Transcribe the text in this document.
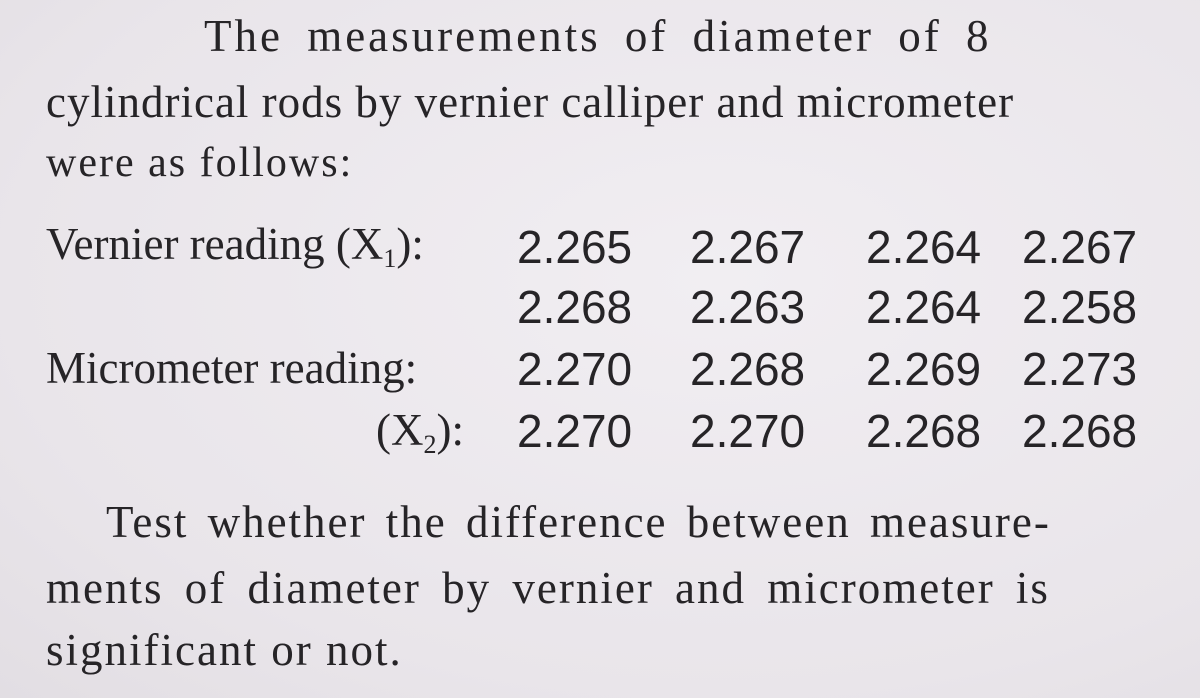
The measurements of diameter of 8
cylindrical rods by vernier calliper and micrometer
were as follows:
Vernier reading $(X_1)$: 2.265 2.267 2.264 2.267
2.268 2.263 2.264 2.258
Micrometer reading: 2.270 2.268 2.269 2.273
$(X_2)$: 2.270 2.270 2.268 2.268
Test whether the difference between measure-
ments of diameter by vernier and micrometer is
significant or not.
